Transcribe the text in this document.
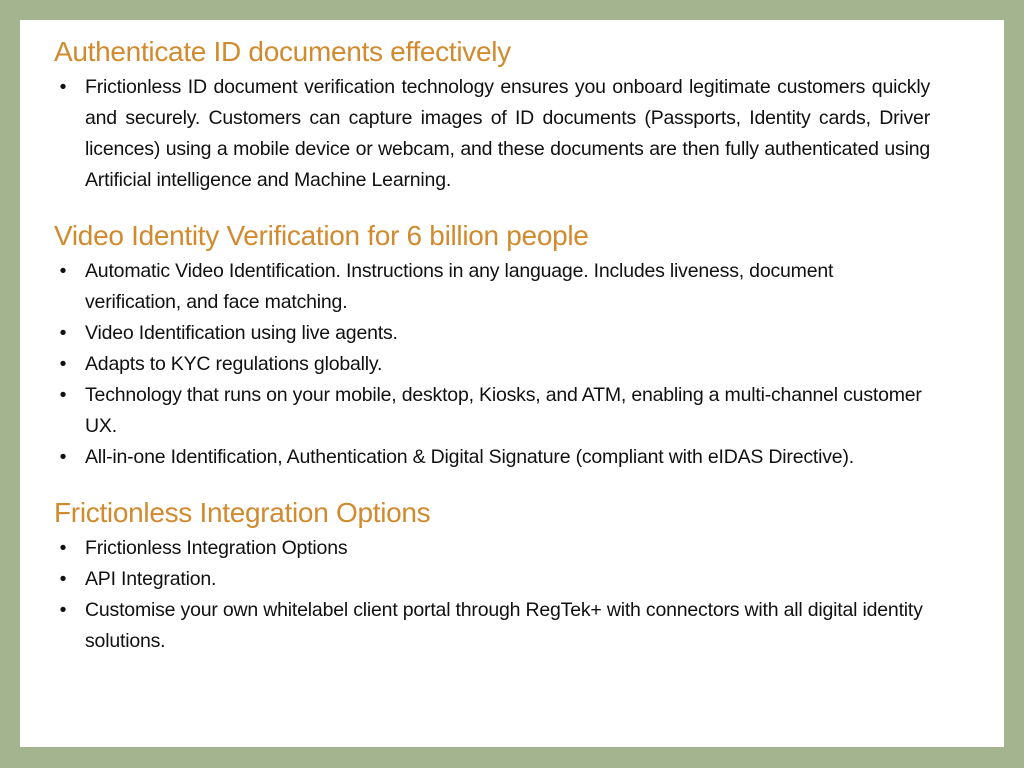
Authenticate ID documents effectively
• Frictionless ID document verification technology ensures you onboard legitimate customers quickly and securely. Customers can capture images of ID documents (Passports, Identity cards, Driver licences) using a mobile device or webcam, and these documents are then fully authenticated using Artificial intelligence and Machine Learning.
Video Identity Verification for 6 billion people
• Automatic Video Identification. Instructions in any language. Includes liveness, document verification, and face matching.
• Video Identification using live agents.
• Adapts to KYC regulations globally.
• Technology that runs on your mobile, desktop, Kiosks, and ATM, enabling a multi-channel customer UX.
• All-in-one Identification, Authentication & Digital Signature (compliant with eIDAS Directive).
Frictionless Integration Options
• Frictionless Integration Options
• API Integration.
• Customise your own whitelabel client portal through RegTek+ with connectors with all digital identity solutions.
